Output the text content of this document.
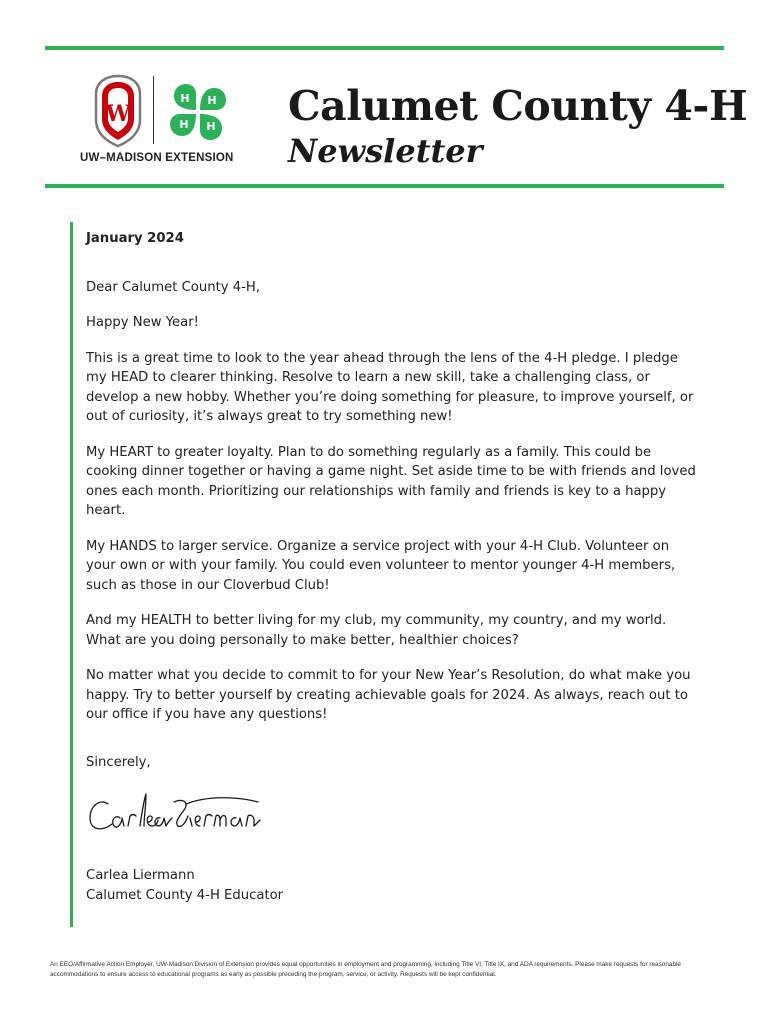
W
H H
H
H
UW–MADISON EXTENSION
Calumet County 4-H
Newsletter

January 2024

Dear Calumet County 4-H,

Happy New Year!

This is a great time to look to the year ahead through the lens of the 4-H pledge. I pledge my HEAD to clearer thinking. Resolve to learn a new skill, take a challenging class, or develop a new hobby. Whether you’re doing something for pleasure, to improve yourself, or out of curiosity, it’s always great to try something new!

My HEART to greater loyalty. Plan to do something regularly as a family. This could be cooking dinner together or having a game night. Set aside time to be with friends and loved ones each month. Prioritizing our relationships with family and friends is key to a happy heart.

My HANDS to larger service. Organize a service project with your 4-H Club. Volunteer on your own or with your family. You could even volunteer to mentor younger 4-H members, such as those in our Cloverbud Club!

And my HEALTH to better living for my club, my community, my country, and my world. What are you doing personally to make better, healthier choices?

No matter what you decide to commit to for your New Year’s Resolution, do what make you happy. Try to better yourself by creating achievable goals for 2024. As always, reach out to our office if you have any questions!

Sincerely,

Carlea Liermann

Calumet County 4-H Educator

An EEO/Affirmative Action Employer, UW-Madison Division of Extension provides equal opportunities in employment and programming, including Title VI, Title IX, and ADA requirements. Please make requests for reasonable accommodations to ensure access to educational programs as early as possible preceding the program, service, or activity. Requests will be kept confidential.
